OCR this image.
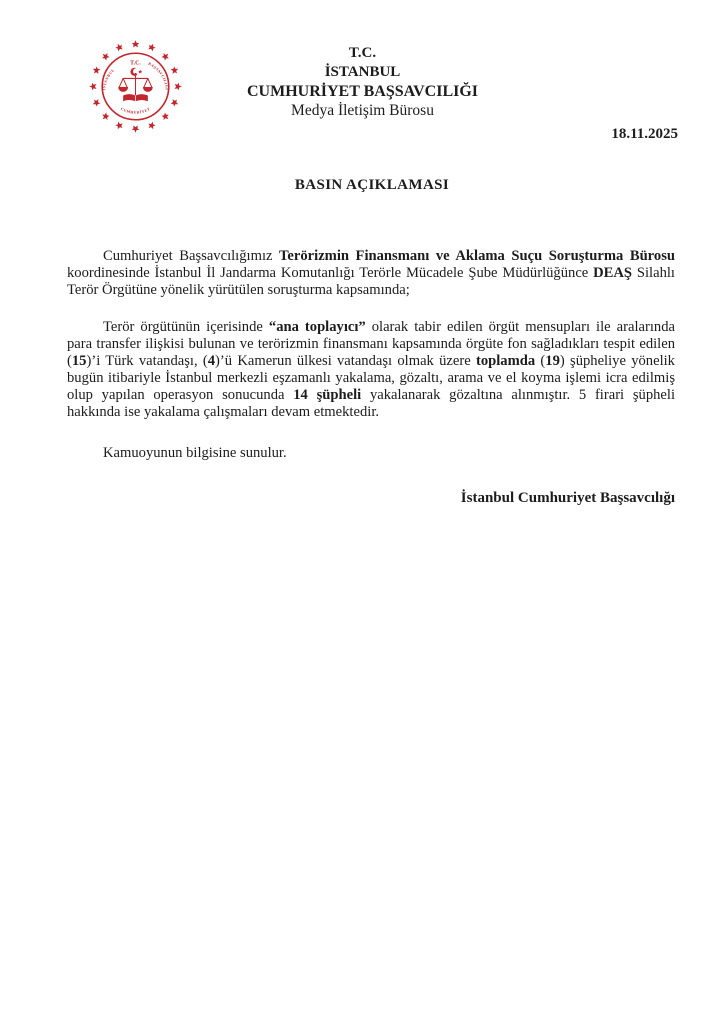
T.C.
İSTANBUL
BAŞSAVCILIĞI
CUMHURİYET
T.C.
İSTANBUL
CUMHURİYET BAŞSAVCILIĞI
Medya İletişim Bürosu
18.11.2025
BASIN AÇIKLAMASI

Cumhuriyet Başsavcılığımız Terörizmin Finansmanı ve Aklama Suçu Soruşturma Bürosu koordinesinde İstanbul İl Jandarma Komutanlığı Terörle Mücadele Şube Müdürlüğünce DEAŞ Silahlı Terör Örgütüne yönelik yürütülen soruşturma kapsamında;

Terör örgütünün içerisinde “ana toplayıcı” olarak tabir edilen örgüt mensupları ile aralarında para transfer ilişkisi bulunan ve terörizmin finansmanı kapsamında örgüte fon sağladıkları tespit edilen (15)’i Türk vatandaşı, (4)’ü Kamerun ülkesi vatandaşı olmak üzere toplamda (19) şüpheliye yönelik bugün itibariyle İstanbul merkezli eşzamanlı yakalama, gözaltı, arama ve el koyma işlemi icra edilmiş olup yapılan operasyon sonucunda 14 şüpheli yakalanarak gözaltına alınmıştır. 5 firari şüpheli hakkında ise yakalama çalışmaları devam etmektedir.

Kamuoyunun bilgisine sunulur.

İstanbul Cumhuriyet Başsavcılığı
